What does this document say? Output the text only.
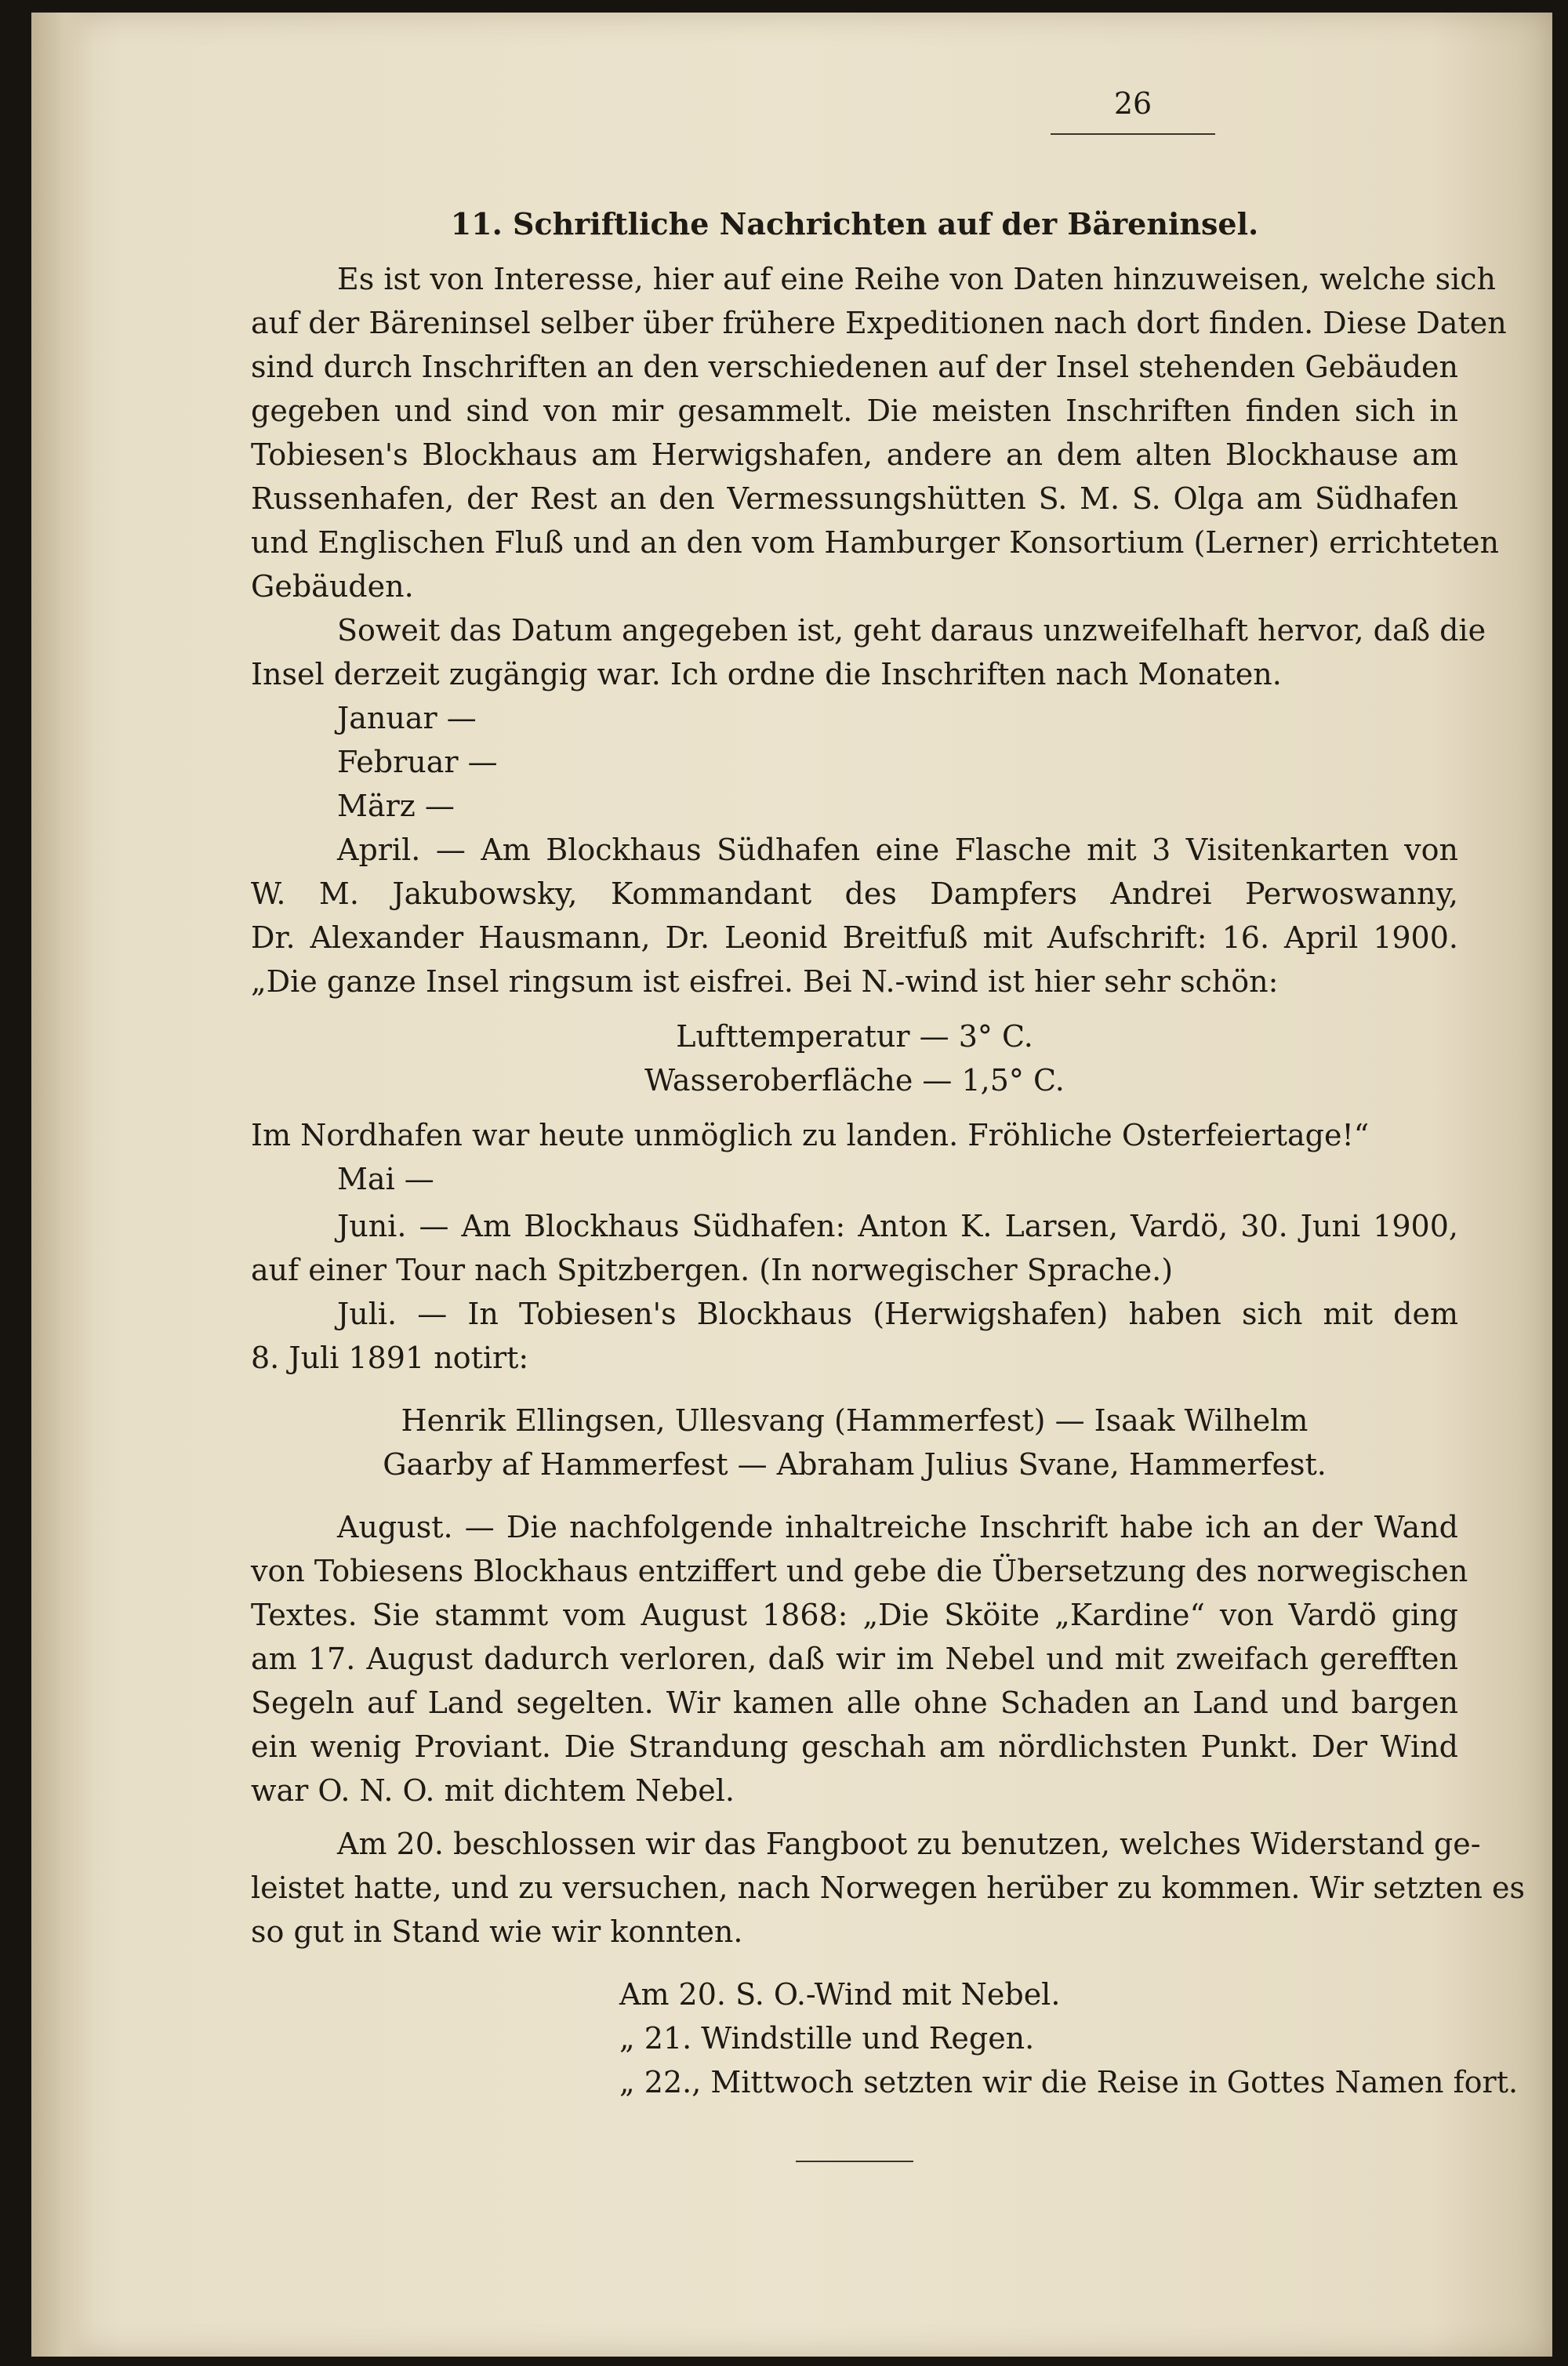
26
11. Schriftliche Nachrichten auf der Bäreninsel.
Es ist von Interesse, hier auf eine Reihe von Daten hinzuweisen, welche sich
auf der Bäreninsel selber über frühere Expeditionen nach dort finden. Diese Daten
sind durch Inschriften an den verschiedenen auf der Insel stehenden Gebäuden
gegeben und sind von mir gesammelt. Die meisten Inschriften finden sich in
Tobiesen's Blockhaus am Herwigshafen, andere an dem alten Blockhause am
Russenhafen, der Rest an den Vermessungshütten S. M. S. Olga am Südhafen
und Englischen Fluß und an den vom Hamburger Konsortium (Lerner) errichteten
Gebäuden.
Soweit das Datum angegeben ist, geht daraus unzweifelhaft hervor, daß die
Insel derzeit zugängig war. Ich ordne die Inschriften nach Monaten.
Januar —
Februar —
März —
April. — Am Blockhaus Südhafen eine Flasche mit 3 Visitenkarten von
W. M. Jakubowsky, Kommandant des Dampfers Andrei Perwoswanny,
Dr. Alexander Hausmann, Dr. Leonid Breitfuß mit Aufschrift: 16. April 1900.
„Die ganze Insel ringsum ist eisfrei. Bei N.-wind ist hier sehr schön:
Lufttemperatur — 3° C.
Wasseroberfläche — 1,5° C.
Im Nordhafen war heute unmöglich zu landen. Fröhliche Osterfeiertage!“
Mai —
Juni. — Am Blockhaus Südhafen: Anton K. Larsen, Vardö, 30. Juni 1900,
auf einer Tour nach Spitzbergen. (In norwegischer Sprache.)
Juli. — In Tobiesen's Blockhaus (Herwigshafen) haben sich mit dem
8. Juli 1891 notirt:
Henrik Ellingsen, Ullesvang (Hammerfest) — Isaak Wilhelm
Gaarby af Hammerfest — Abraham Julius Svane, Hammerfest.
August. — Die nachfolgende inhaltreiche Inschrift habe ich an der Wand
von Tobiesens Blockhaus entziffert und gebe die Übersetzung des norwegischen
Textes. Sie stammt vom August 1868: „Die Sköite „Kardine“ von Vardö ging
am 17. August dadurch verloren, daß wir im Nebel und mit zweifach gerefften
Segeln auf Land segelten. Wir kamen alle ohne Schaden an Land und bargen
ein wenig Proviant. Die Strandung geschah am nördlichsten Punkt. Der Wind
war O. N. O. mit dichtem Nebel.
Am 20. beschlossen wir das Fangboot zu benutzen, welches Widerstand ge-
leistet hatte, und zu versuchen, nach Norwegen herüber zu kommen. Wir setzten es
so gut in Stand wie wir konnten.
Am 20. S. O.-Wind mit Nebel.
„ 21. Windstille und Regen.
„ 22., Mittwoch setzten wir die Reise in Gottes Namen fort.
